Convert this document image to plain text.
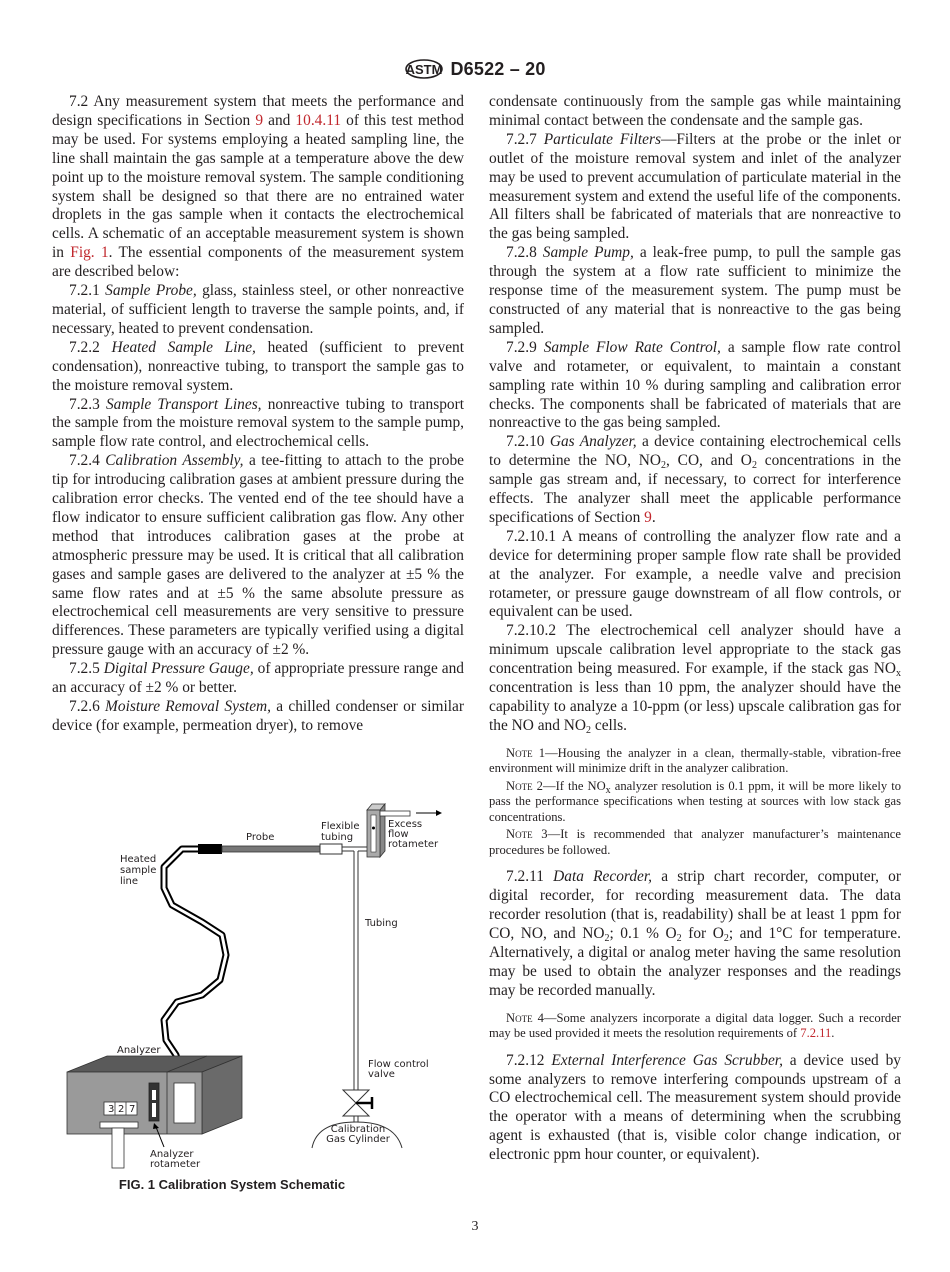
ASTM D6522 – 20

7.2 Any measurement system that meets the performance and design specifications in Section 9 and 10.4.11 of this test method may be used. For systems employing a heated sampling line, the line shall maintain the gas sample at a temperature above the dew point up to the moisture removal system. The sample conditioning system shall be designed so that there are no entrained water droplets in the gas sample when it contacts the electrochemical cells. A schematic of an acceptable measurement system is shown in Fig. 1. The essential components of the measurement system are described below:

7.2.1 Sample Probe, glass, stainless steel, or other nonreactive material, of sufficient length to traverse the sample points, and, if necessary, heated to prevent condensation.

7.2.2 Heated Sample Line, heated (sufficient to prevent condensation), nonreactive tubing, to transport the sample gas to the moisture removal system.

7.2.3 Sample Transport Lines, nonreactive tubing to transport the sample from the moisture removal system to the sample pump, sample flow rate control, and electrochemical cells.

7.2.4 Calibration Assembly, a tee-fitting to attach to the probe tip for introducing calibration gases at ambient pressure during the calibration error checks. The vented end of the tee should have a flow indicator to ensure sufficient calibration gas flow. Any other method that introduces calibration gases at the probe at atmospheric pressure may be used. It is critical that all calibration gases and sample gases are delivered to the analyzer at ±5 % the same flow rates and at ±5 % the same absolute pressure as electrochemical cell measurements are very sensitive to pressure differences. These parameters are typically verified using a digital pressure gauge with an accuracy of ±2 %.

7.2.5 Digital Pressure Gauge, of appropriate pressure range and an accuracy of ±2 % or better.

7.2.6 Moisture Removal System, a chilled condenser or similar device (for example, permeation dryer), to remove

Heated
sample
line
Probe
Flexible
tubing
Excess
flow
rotameter
Tubing
Analyzer
3 2 7
Analyzer
rotameter
Flow control
valve
Calibration
Gas Cylinder
FIG. 1 Calibration System Schematic

condensate continuously from the sample gas while maintaining minimal contact between the condensate and the sample gas.

7.2.7 Particulate Filters—Filters at the probe or the inlet or outlet of the moisture removal system and inlet of the analyzer may be used to prevent accumulation of particulate material in the measurement system and extend the useful life of the components. All filters shall be fabricated of materials that are nonreactive to the gas being sampled.

7.2.8 Sample Pump, a leak-free pump, to pull the sample gas through the system at a flow rate sufficient to minimize the response time of the measurement system. The pump must be constructed of any material that is nonreactive to the gas being sampled.

7.2.9 Sample Flow Rate Control, a sample flow rate control valve and rotameter, or equivalent, to maintain a constant sampling rate within 10 % during sampling and calibration error checks. The components shall be fabricated of materials that are nonreactive to the gas being sampled.

7.2.10 Gas Analyzer, a device containing electrochemical cells to determine the NO, $NO_2$, CO, and $O_2$ concentrations in the sample gas stream and, if necessary, to correct for interference effects. The analyzer shall meet the applicable performance specifications of Section 9.

7.2.10.1 A means of controlling the analyzer flow rate and a device for determining proper sample flow rate shall be provided at the analyzer. For example, a needle valve and precision rotameter, or pressure gauge downstream of all flow controls, or equivalent can be used.

7.2.10.2 The electrochemical cell analyzer should have a minimum upscale calibration level appropriate to the stack gas concentration being measured. For example, if the stack gas $NO_x$ concentration is less than 10 ppm, the analyzer should have the capability to analyze a 10-ppm (or less) upscale calibration gas for the NO and $NO_2$ cells.

Note 1—Housing the analyzer in a clean, thermally-stable, vibration-free environment will minimize drift in the analyzer calibration.

Note 2—If the $NO_x$ analyzer resolution is 0.1 ppm, it will be more likely to pass the performance specifications when testing at sources with low stack gas concentrations.

Note 3—It is recommended that analyzer manufacturer’s maintenance procedures be followed.

7.2.11 Data Recorder, a strip chart recorder, computer, or digital recorder, for recording measurement data. The data recorder resolution (that is, readability) shall be at least 1 ppm for CO, NO, and $NO_2$; 0.1 % $O_2$ for $O_2$; and 1°C for temperature. Alternatively, a digital or analog meter having the same resolution may be used to obtain the analyzer responses and the readings may be recorded manually.

Note 4—Some analyzers incorporate a digital data logger. Such a recorder may be used provided it meets the resolution requirements of 7.2.11.

7.2.12 External Interference Gas Scrubber, a device used by some analyzers to remove interfering compounds upstream of a CO electrochemical cell. The measurement system should provide the operator with a means of determining when the scrubbing agent is exhausted (that is, visible color change indication, or electronic ppm hour counter, or equivalent).

3
